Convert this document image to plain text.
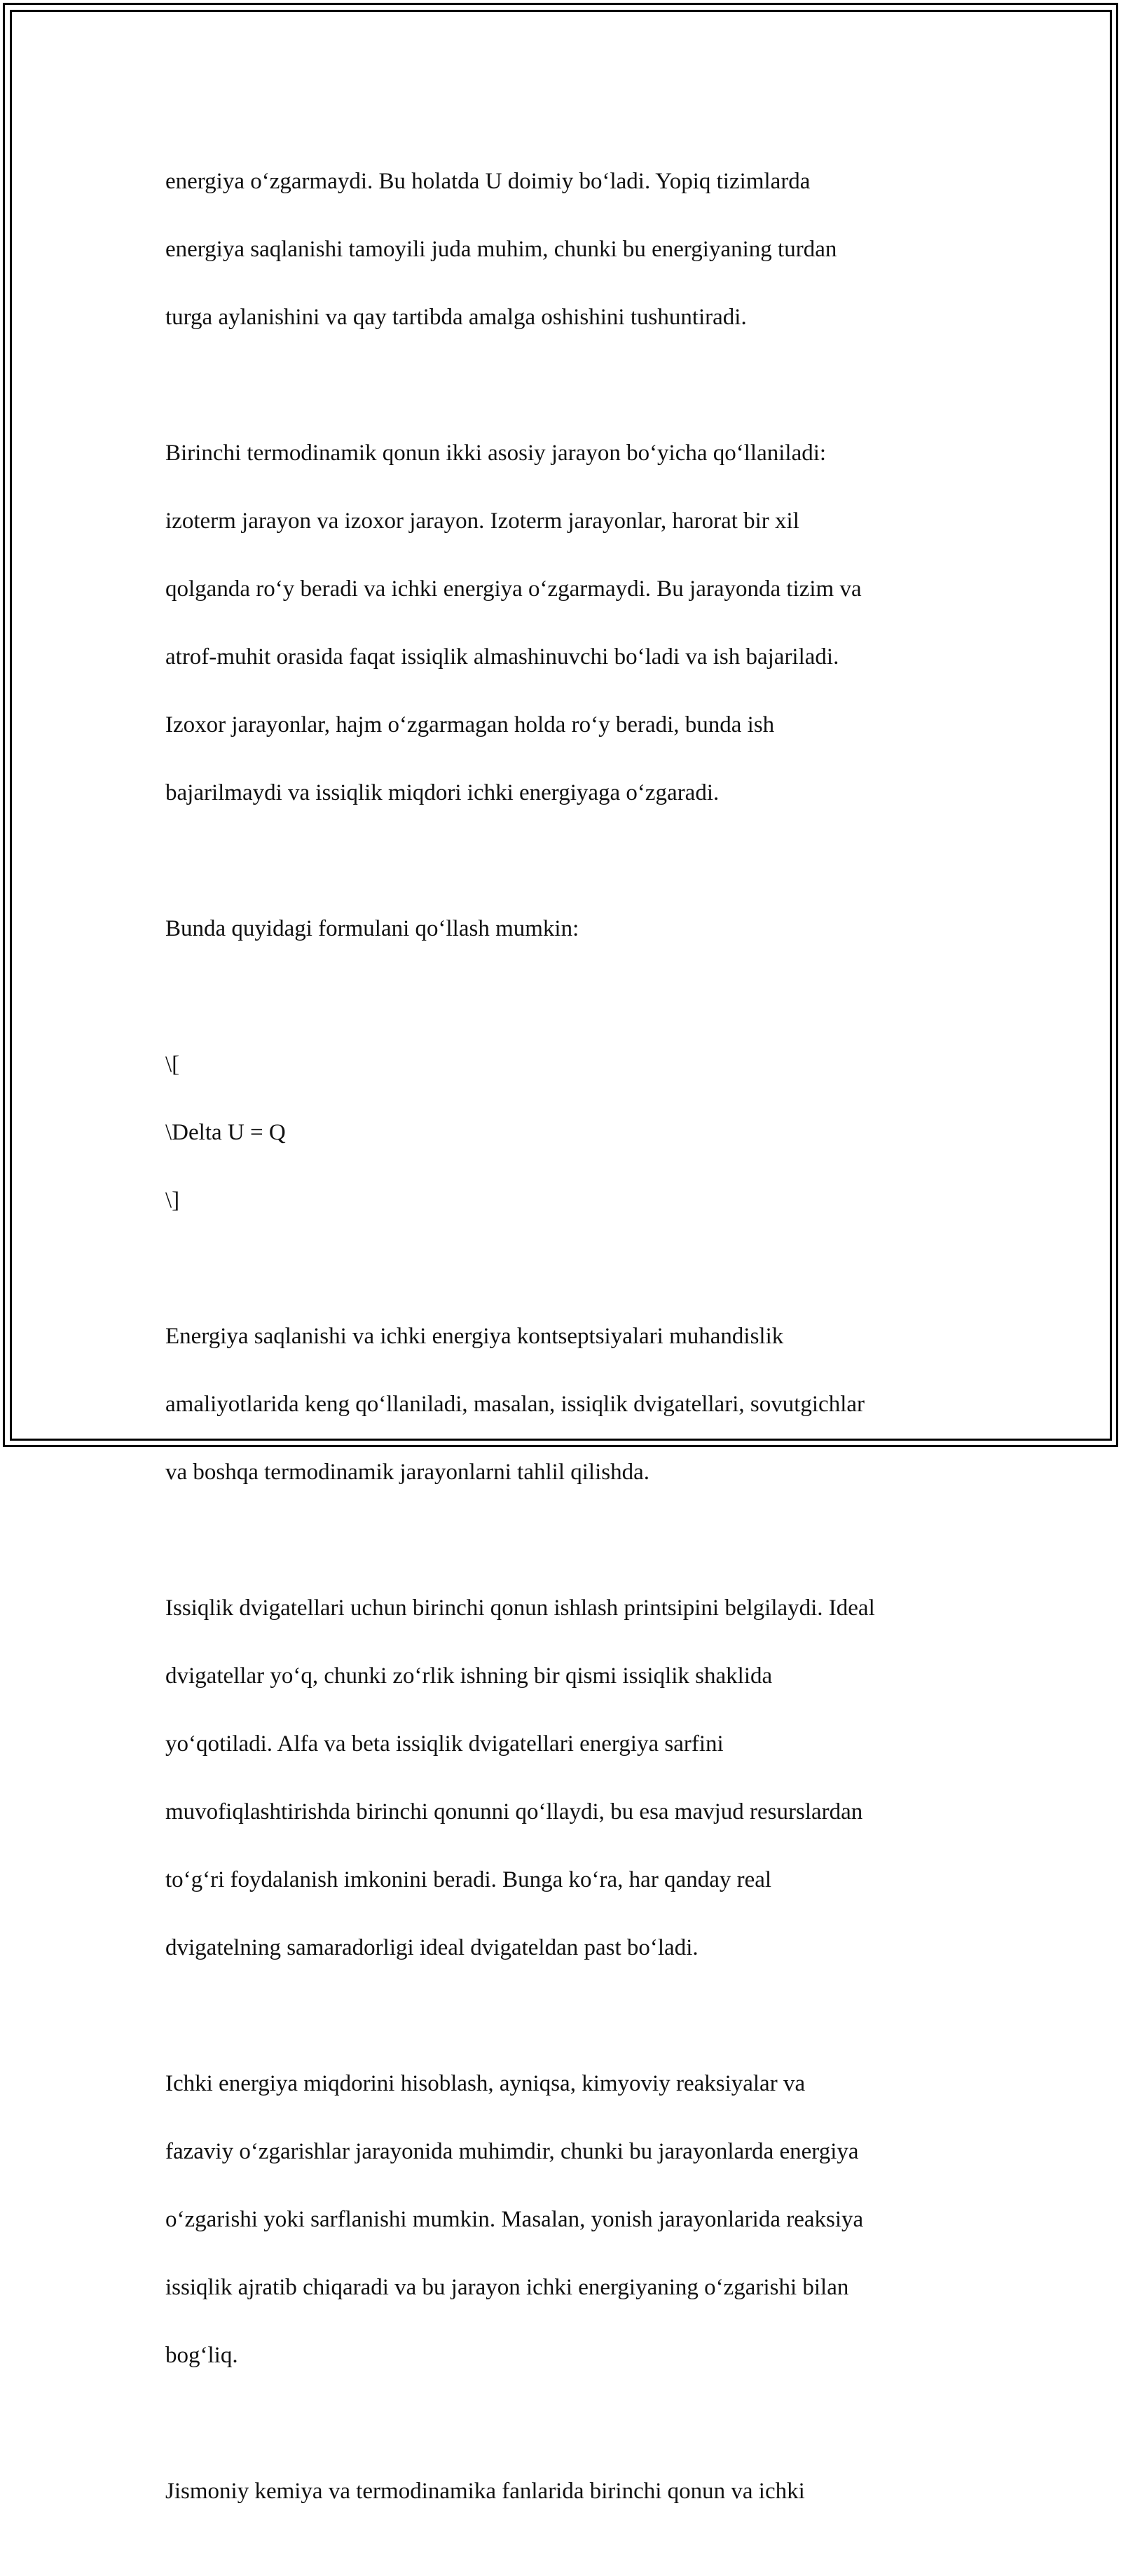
energiya o‘zgarmaydi. Bu holatda U doimiy bo‘ladi. Yopiq tizimlarda

energiya saqlanishi tamoyili juda muhim, chunki bu energiyaning turdan

turga aylanishini va qay tartibda amalga oshishini tushuntiradi.

Birinchi termodinamik qonun ikki asosiy jarayon bo‘yicha qo‘llaniladi:

izoterm jarayon va izoxor jarayon. Izoterm jarayonlar, harorat bir xil

qolganda ro‘y beradi va ichki energiya o‘zgarmaydi. Bu jarayonda tizim va

atrof-muhit orasida faqat issiqlik almashinuvchi bo‘ladi va ish bajariladi.

Izoxor jarayonlar, hajm o‘zgarmagan holda ro‘y beradi, bunda ish

bajarilmaydi va issiqlik miqdori ichki energiyaga o‘zgaradi.

Bunda quyidagi formulani qo‘llash mumkin:

\[

\Delta U = Q

\]

Energiya saqlanishi va ichki energiya kontseptsiyalari muhandislik

amaliyotlarida keng qo‘llaniladi, masalan, issiqlik dvigatellari, sovutgichlar

va boshqa termodinamik jarayonlarni tahlil qilishda.

Issiqlik dvigatellari uchun birinchi qonun ishlash printsipini belgilaydi. Ideal

dvigatellar yo‘q, chunki zo‘rlik ishning bir qismi issiqlik shaklida

yo‘qotiladi. Alfa va beta issiqlik dvigatellari energiya sarfini

muvofiqlashtirishda birinchi qonunni qo‘llaydi, bu esa mavjud resurslardan

to‘g‘ri foydalanish imkonini beradi. Bunga ko‘ra, har qanday real

dvigatelning samaradorligi ideal dvigateldan past bo‘ladi.

Ichki energiya miqdorini hisoblash, ayniqsa, kimyoviy reaksiyalar va

fazaviy o‘zgarishlar jarayonida muhimdir, chunki bu jarayonlarda energiya

o‘zgarishi yoki sarflanishi mumkin. Masalan, yonish jarayonlarida reaksiya

issiqlik ajratib chiqaradi va bu jarayon ichki energiyaning o‘zgarishi bilan

bog‘liq.

Jismoniy kemiya va termodinamika fanlarida birinchi qonun va ichki
